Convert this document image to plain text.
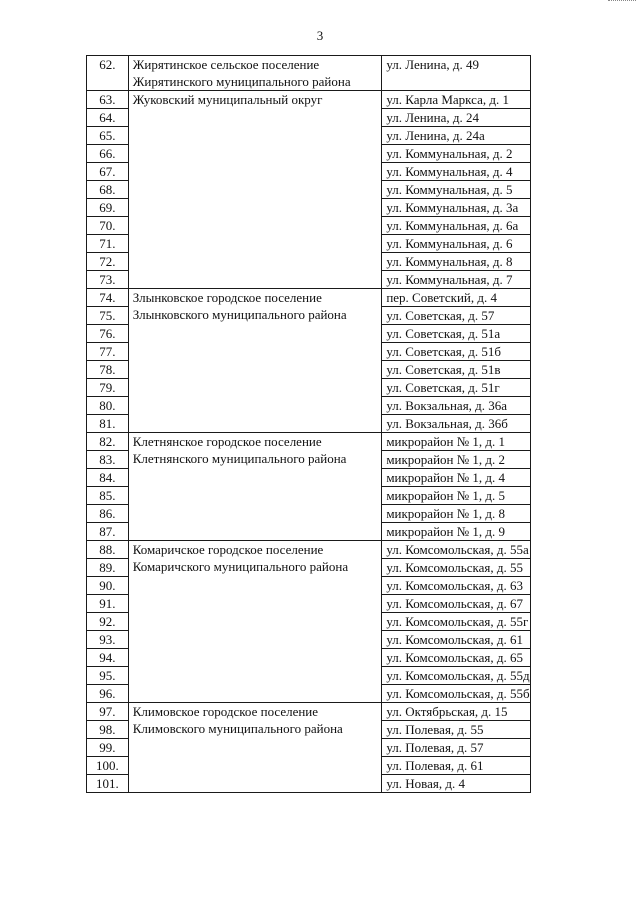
3
62.	Жирятинское сельское поселение Жирятинского муниципального района	ул. Ленина, д. 49
63.	Жуковский муниципальный округ	ул. Карла Маркса, д. 1
64.		ул. Ленина, д. 24
65.		ул. Ленина, д. 24а
66.		ул. Коммунальная, д. 2
67.		ул. Коммунальная, д. 4
68.		ул. Коммунальная, д. 5
69.		ул. Коммунальная, д. 3а
70.		ул. Коммунальная, д. 6а
71.		ул. Коммунальная, д. 6
72.		ул. Коммунальная, д. 8
73.		ул. Коммунальная, д. 7
74.	Злынковское городское поселение Злынковского муниципального района	пер. Советский, д. 4
75.		ул. Советская, д. 57
76.		ул. Советская, д. 51а
77.		ул. Советская, д. 51б
78.		ул. Советская, д. 51в
79.		ул. Советская, д. 51г
80.		ул. Вокзальная, д. 36а
81.		ул. Вокзальная, д. 36б
82.	Клетнянское городское поселение Клетнянского муниципального района	микрорайон № 1, д. 1
83.		микрорайон № 1, д. 2
84.		микрорайон № 1, д. 4
85.		микрорайон № 1, д. 5
86.		микрорайон № 1, д. 8
87.		микрорайон № 1, д. 9
88.	Комаричское городское поселение Комаричского муниципального района	ул. Комсомольская, д. 55а
89.		ул. Комсомольская, д. 55
90.		ул. Комсомольская, д. 63
91.		ул. Комсомольская, д. 67
92.		ул. Комсомольская, д. 55г
93.		ул. Комсомольская, д. 61
94.		ул. Комсомольская, д. 65
95.		ул. Комсомольская, д. 55д
96.		ул. Комсомольская, д. 55б
97.	Климовское городское поселение Климовского муниципального района	ул. Октябрьская, д. 15
98.		ул. Полевая, д. 55
99.		ул. Полевая, д. 57
100.		ул. Полевая, д. 61
101.		ул. Новая, д. 4
